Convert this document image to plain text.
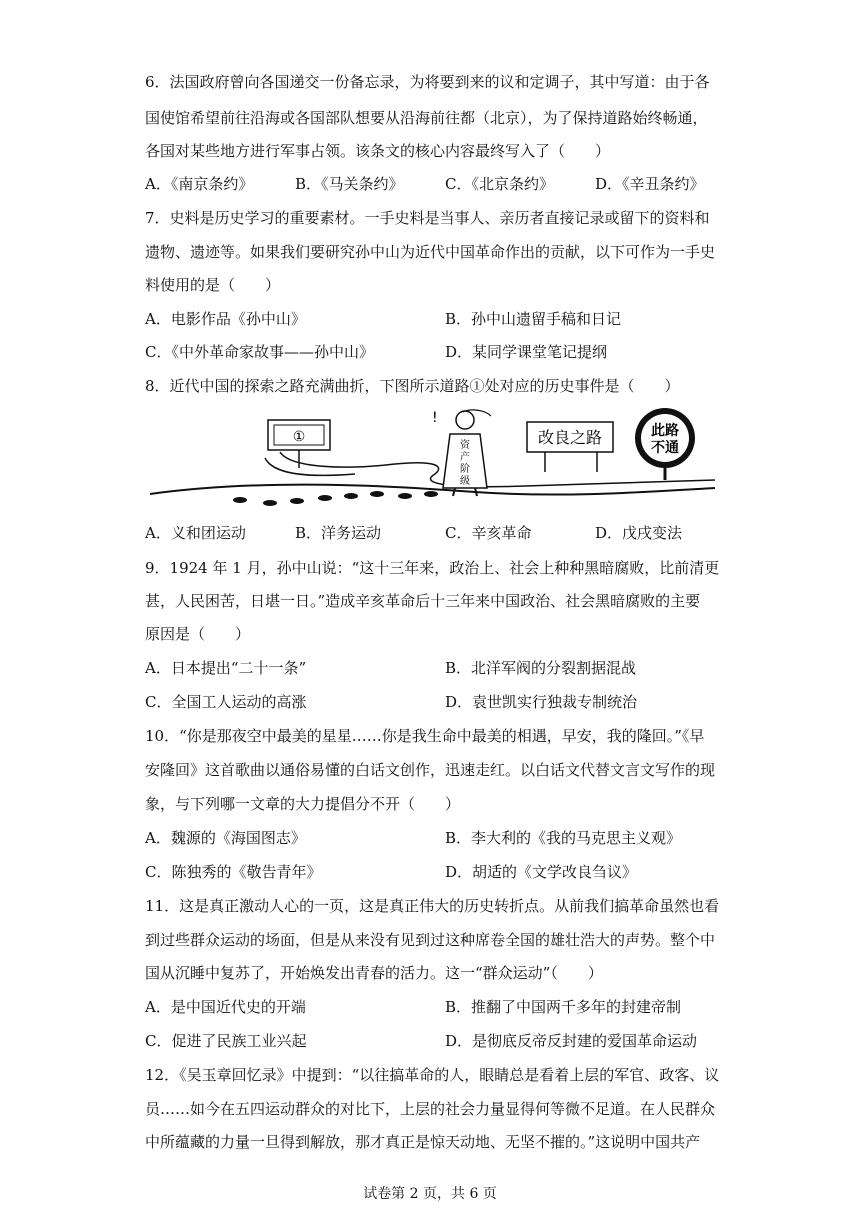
6．法国政府曾向各国递交一份备忘录，为将要到来的议和定调子，其中写道：由于各
国使馆希望前往沿海或各国部队想要从沿海前往都（北京），为了保持道路始终畅通，
各国对某些地方进行军事占领。该条文的核心内容最终写入了（　　）
A．《南京条约》	B．《马关条约》	C．《北京条约》	D．《辛丑条约》
7．史料是历史学习的重要素材。一手史料是当事人、亲历者直接记录或留下的资料和
遗物、遗迹等。如果我们要研究孙中山为近代中国革命作出的贡献，以下可作为一手史
料使用的是（　　）
A．电影作品《孙中山》	B．孙中山遗留手稿和日记
C．《中外革命家故事——孙中山》	D．某同学课堂笔记提纲
8．近代中国的探索之路充满曲折，下图所示道路①处对应的历史事件是（　　）
①
!
资
产
阶
级
改良之路	此路
不通
A．义和团运动	B．洋务运动	C．辛亥革命	D．戊戌变法
9．1924 年 1 月，孙中山说：“这十三年来，政治上、社会上种种黑暗腐败，比前清更
甚，人民困苦，日堪一日。”造成辛亥革命后十三年来中国政治、社会黑暗腐败的主要
原因是（　　）
A．日本提出“二十一条”	B．北洋军阀的分裂割据混战
C．全国工人运动的高涨	D．袁世凯实行独裁专制统治
10．“你是那夜空中最美的星星……你是我生命中最美的相遇，早安，我的隆回。”《早
安隆回》这首歌曲以通俗易懂的白话文创作，迅速走红。以白话文代替文言文写作的现
象，与下列哪一文章的大力提倡分不开（　　）
A．魏源的《海国图志》	B．李大利的《我的马克思主义观》
C．陈独秀的《敬告青年》	D．胡适的《文学改良刍议》
11．这是真正激动人心的一页，这是真正伟大的历史转折点。从前我们搞革命虽然也看
到过些群众运动的场面，但是从来没有见到过这种席卷全国的雄壮浩大的声势。整个中
国从沉睡中复苏了，开始焕发出青春的活力。这一“群众运动”（　　）
A．是中国近代史的开端	B．推翻了中国两千多年的封建帝制
C．促进了民族工业兴起	D．是彻底反帝反封建的爱国革命运动
12．《吴玉章回忆录》中提到：“以往搞革命的人，眼睛总是看着上层的军官、政客、议
员……如今在五四运动群众的对比下，上层的社会力量显得何等微不足道。在人民群众
中所蕴藏的力量一旦得到解放，那才真正是惊天动地、无坚不摧的。”这说明中国共产
试卷第 2 页，共 6 页
